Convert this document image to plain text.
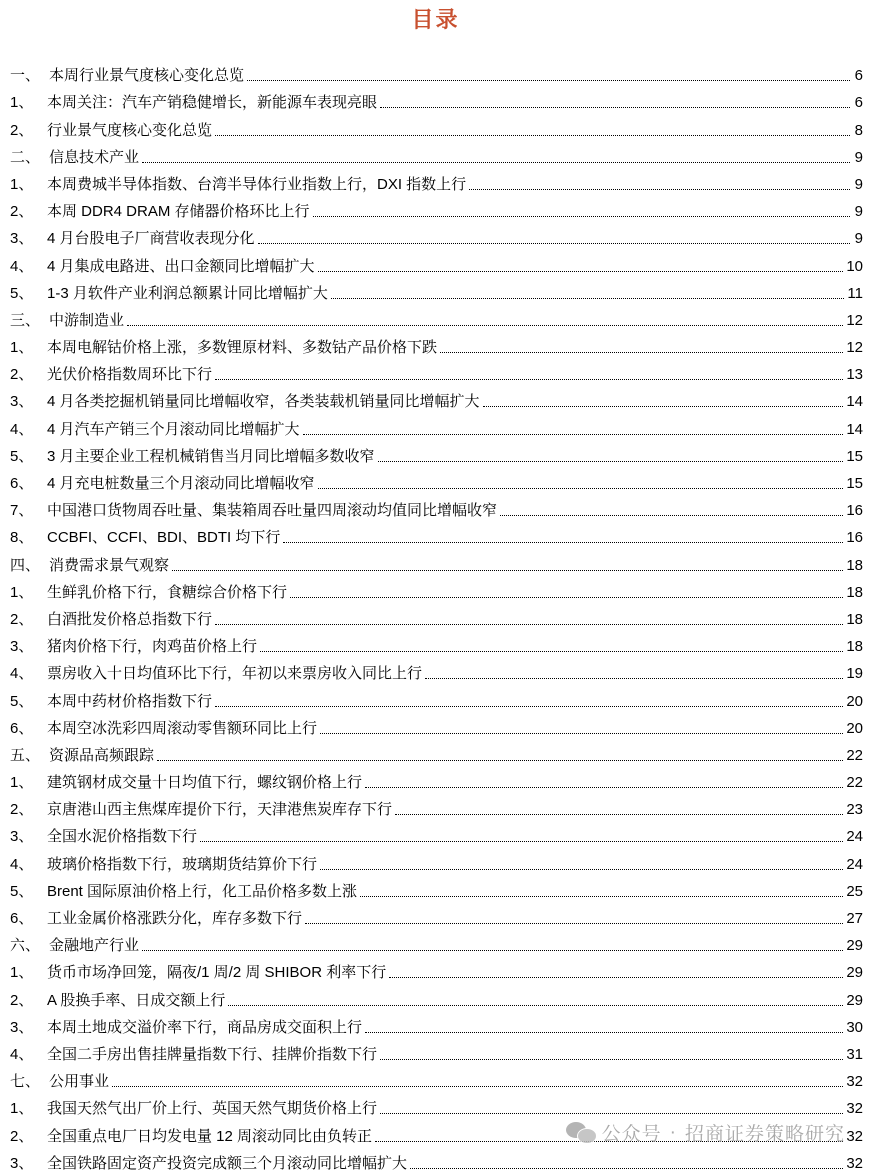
目录
一、 本周行业景气度核心变化总览	6
1、 本周关注：汽车产销稳健增长，新能源车表现亮眼	6
2、 行业景气度核心变化总览	8
二、 信息技术产业	9
1、 本周费城半导体指数、台湾半导体行业指数上行，DXI 指数上行	9
2、 本周 DDR4 DRAM 存储器价格环比上行	9
3、 4 月台股电子厂商营收表现分化	9
4、 4 月集成电路进、出口金额同比增幅扩大	10
5、 1-3 月软件产业利润总额累计同比增幅扩大	11
三、 中游制造业	12
1、 本周电解钴价格上涨，多数锂原材料、多数钴产品价格下跌	12
2、 光伏价格指数周环比下行	13
3、 4 月各类挖掘机销量同比增幅收窄，各类装载机销量同比增幅扩大	14
4、 4 月汽车产销三个月滚动同比增幅扩大	14
5、 3 月主要企业工程机械销售当月同比增幅多数收窄	15
6、 4 月充电桩数量三个月滚动同比增幅收窄	15
7、 中国港口货物周吞吐量、集装箱周吞吐量四周滚动均值同比增幅收窄	16
8、 CCBFI、CCFI、BDI、BDTI 均下行	16
四、 消费需求景气观察	18
1、 生鲜乳价格下行，食糖综合价格下行	18
2、 白酒批发价格总指数下行	18
3、 猪肉价格下行，肉鸡苗价格上行	18
4、 票房收入十日均值环比下行，年初以来票房收入同比上行	19
5、 本周中药材价格指数下行	20
6、 本周空冰洗彩四周滚动零售额环同比上行	20
五、 资源品高频跟踪	22
1、 建筑钢材成交量十日均值下行，螺纹钢价格上行	22
2、 京唐港山西主焦煤库提价下行，天津港焦炭库存下行	23
3、 全国水泥价格指数下行	24
4、 玻璃价格指数下行，玻璃期货结算价下行	24
5、 Brent 国际原油价格上行，化工品价格多数上涨	25
6、 工业金属价格涨跌分化，库存多数下行	27
六、 金融地产行业	29
1、 货币市场净回笼，隔夜/1 周/2 周 SHIBOR 利率下行	29
2、 A 股换手率、日成交额上行	29
3、 本周土地成交溢价率下行，商品房成交面积上行	30
4、 全国二手房出售挂牌量指数下行、挂牌价指数下行	31
七、 公用事业	32
1、 我国天然气出厂价上行、英国天然气期货价格上行	32
2、 全国重点电厂日均发电量 12 周滚动同比由负转正	32
3、 全国铁路固定资产投资完成额三个月滚动同比增幅扩大	32
公众号 · 招商证券策略研究
